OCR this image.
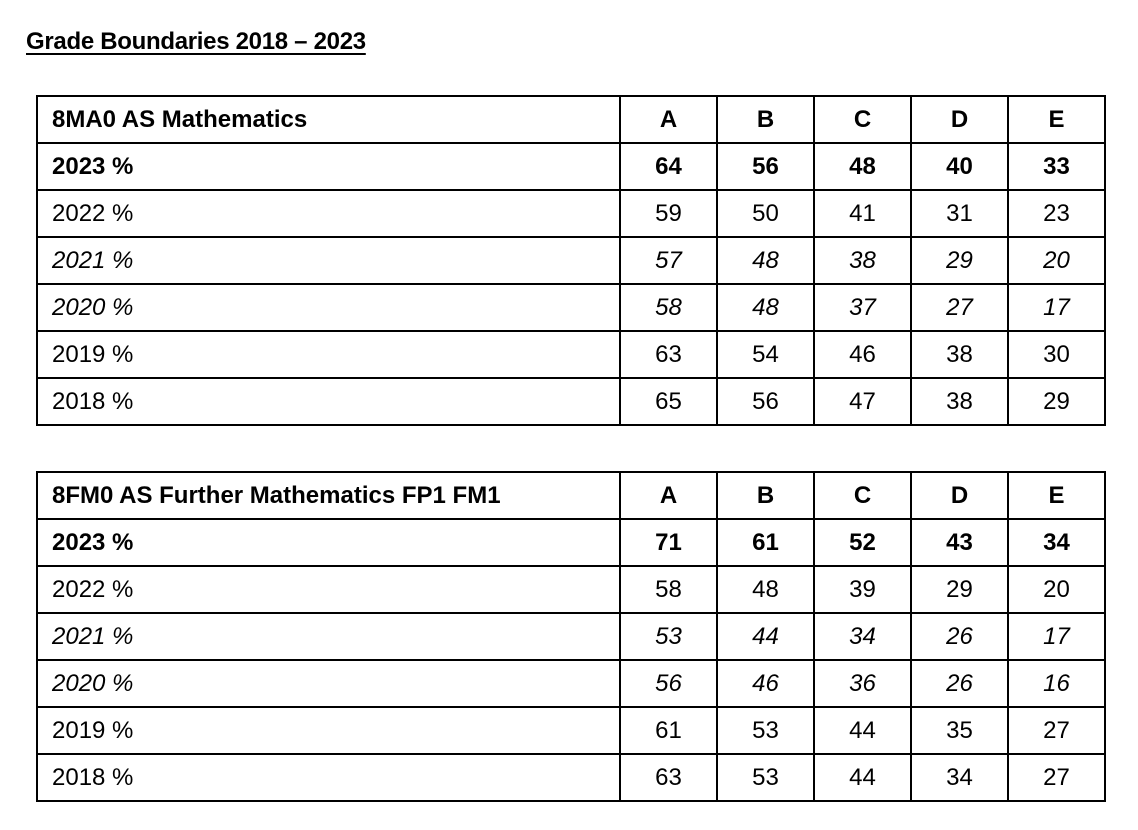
Grade Boundaries 2018 – 2023
8MA0 AS Mathematics	A	B	C	D	E
2023 %	64	56	48	40	33
2022 %	59	50	41	31	23
2021 %	57	48	38	29	20
2020 %	58	48	37	27	17
2019 %	63	54	46	38	30
2018 %	65	56	47	38	29
8FM0 AS Further Mathematics FP1 FM1	A	B	C	D	E
2023 %	71	61	52	43	34
2022 %	58	48	39	29	20
2021 %	53	44	34	26	17
2020 %	56	46	36	26	16
2019 %	61	53	44	35	27
2018 %	63	53	44	34	27
